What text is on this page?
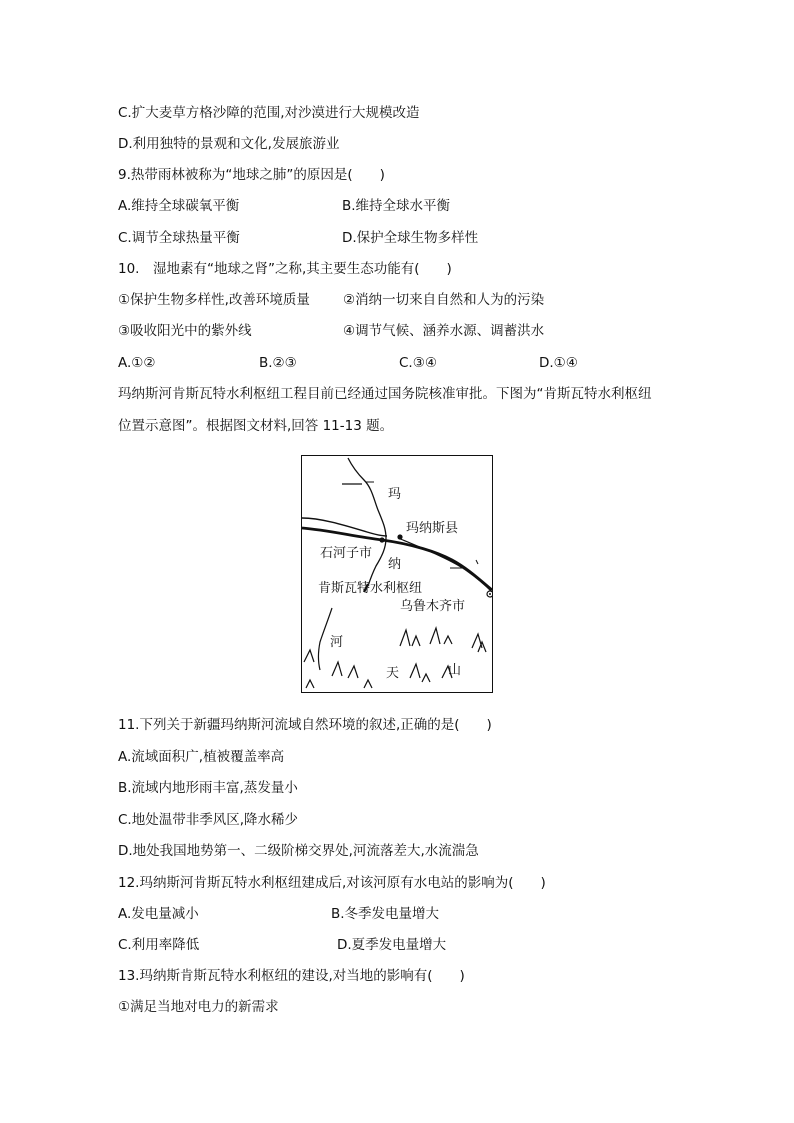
C.扩大麦草方格沙障的范围,对沙漠进行大规模改造
D.利用独特的景观和文化,发展旅游业
9.热带雨林被称为“地球之肺”的原因是(　　)
A.维持全球碳氧平衡	B.维持全球水平衡
C.调节全球热量平衡	D.保护全球生物多样性
10.　湿地素有“地球之肾”之称,其主要生态功能有(　　)
①保护生物多样性,改善环境质量 ②消纳一切来自自然和人为的污染
③吸收阳光中的紫外线	④调节气候、涵养水源、调蓄洪水
A.①②	B.②③	C.③④	D.①④
玛纳斯河肯斯瓦特水利枢纽工程目前已经通过国务院核准审批。下图为“肯斯瓦特水利枢纽
位置示意图”。根据图文材料,回答 11-13 题。
玛
玛纳斯县
石河子市
纳
肯斯瓦特水利枢纽
乌鲁木齐市
河
天	山
11.下列关于新疆玛纳斯河流域自然环境的叙述,正确的是(　　)
A.流域面积广,植被覆盖率高
B.流域内地形雨丰富,蒸发量小
C.地处温带非季风区,降水稀少
D.地处我国地势第一、二级阶梯交界处,河流落差大,水流湍急
12.玛纳斯河肯斯瓦特水利枢纽建成后,对该河原有水电站的影响为(　　)
A.发电量减小	B.冬季发电量增大
C.利用率降低	D.夏季发电量增大
13.玛纳斯肯斯瓦特水利枢纽的建设,对当地的影响有(　　)
①满足当地对电力的新需求
